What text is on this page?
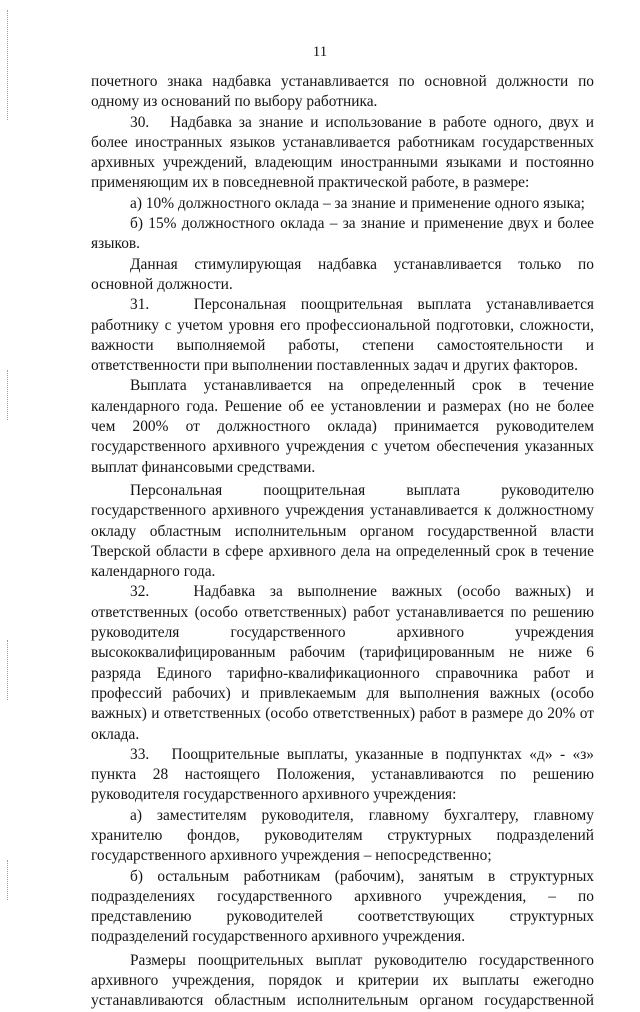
11

почетного знака надбавка устанавливается по основной должности по одному из оснований по выбору работника.

30.   Надбавка за знание и использование в работе одного, двух и более иностранных языков устанавливается работникам государственных архивных учреждений, владеющим иностранными языками и постоянно применяющим их в повседневной практической работе, в размере:

а) 10% должностного оклада – за знание и применение одного языка;

б) 15% должностного оклада – за знание и применение двух и более языков.

Данная стимулирующая надбавка устанавливается только по основной должности.

31.   Персональная поощрительная выплата устанавливается работнику с учетом уровня его профессиональной подготовки, сложности, важности выполняемой работы, степени самостоятельности и ответственности при выполнении поставленных задач и других факторов.

Выплата устанавливается на определенный срок в течение календарного года. Решение об ее установлении и размерах (но не более чем 200% от должностного оклада) принимается руководителем государственного архивного учреждения с учетом обеспечения указанных выплат финансовыми средствами.

Персональная поощрительная выплата руководителю государственного архивного учреждения устанавливается к должностному окладу областным исполнительным органом государственной власти Тверской области в сфере архивного дела на определенный срок в течение календарного года.

32.   Надбавка за выполнение важных (особо важных) и ответственных (особо ответственных) работ устанавливается по решению руководителя государственного архивного учреждения высококвалифицированным рабочим (тарифицированным не ниже 6 разряда Единого тарифно-квалификационного справочника работ и профессий рабочих) и привлекаемым для выполнения важных (особо важных) и ответственных (особо ответственных) работ в размере до 20% от оклада.

33.   Поощрительные выплаты, указанные в подпунктах «д» - «з» пункта 28 настоящего Положения, устанавливаются по решению руководителя государственного архивного учреждения:

а) заместителям руководителя, главному бухгалтеру, главному хранителю фондов, руководителям структурных подразделений государственного архивного учреждения – непосредственно;

б) остальным работникам (рабочим), занятым в структурных подразделениях государственного архивного учреждения, – по представлению руководителей соответствующих структурных подразделений государственного архивного учреждения.

Размеры поощрительных выплат руководителю государственного архивного учреждения, порядок и критерии их выплаты ежегодно устанавливаются областным исполнительным органом государственной
